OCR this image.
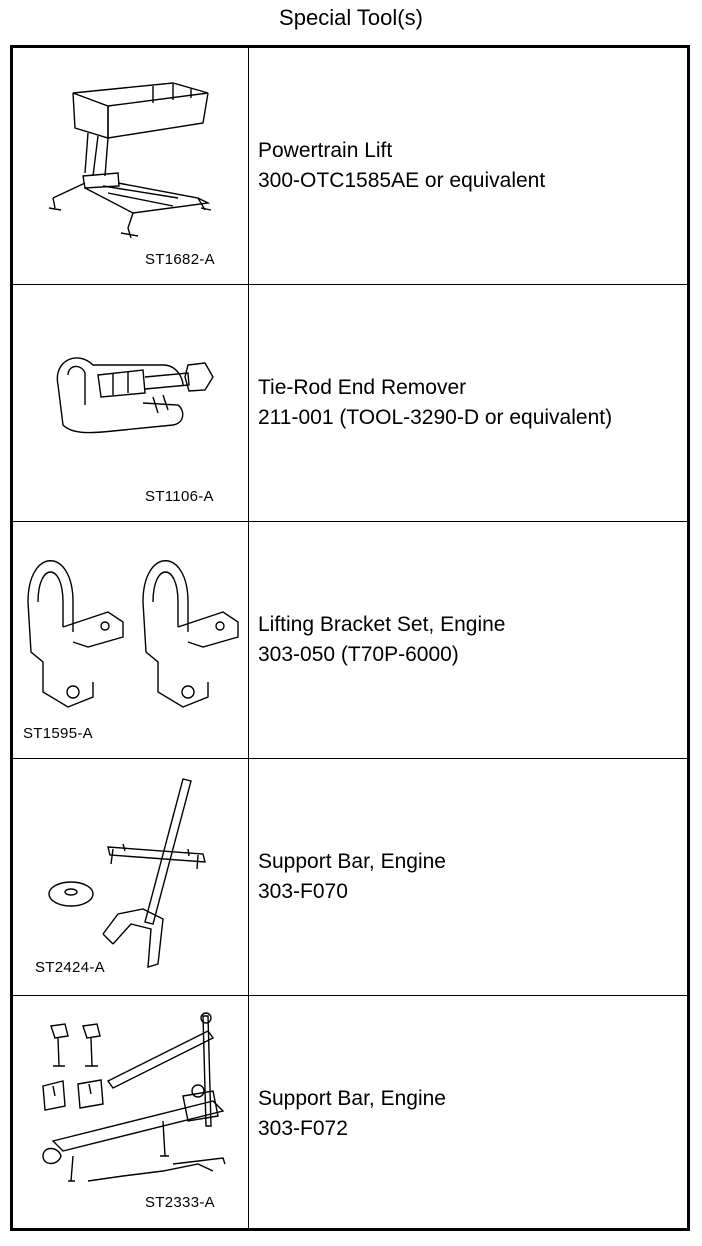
Special Tool(s)
ST1682-A
Powertrain Lift
300-OTC1585AE or equivalent
ST1106-A
Tie-Rod End Remover
211-001 (TOOL-3290-D or equivalent)
ST1595-A
Lifting Bracket Set, Engine
303-050 (T70P-6000)
ST2424-A
Support Bar, Engine
303-F070
ST2333-A
Support Bar, Engine
303-F072
